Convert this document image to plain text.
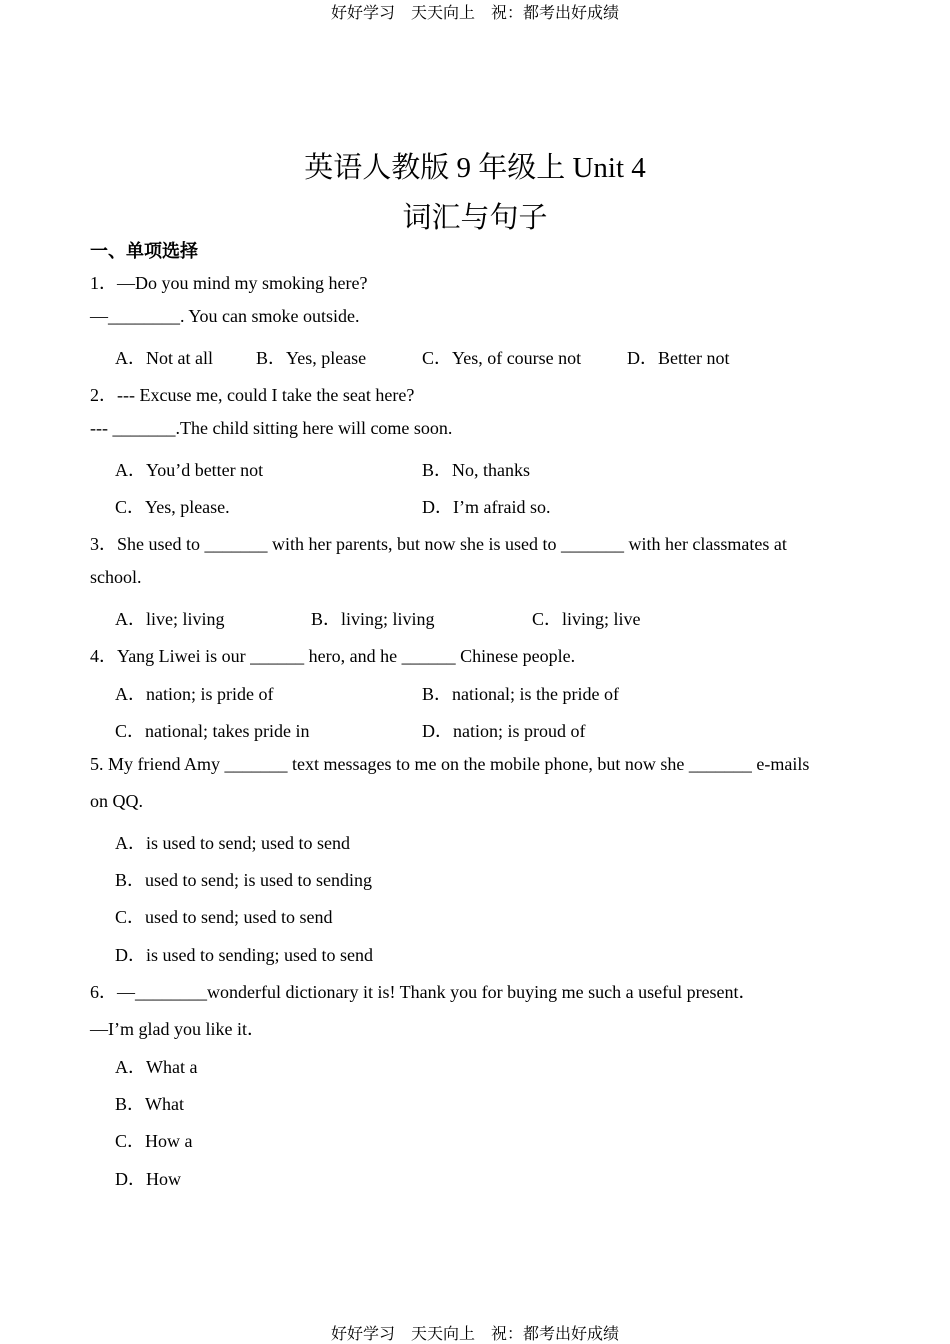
好好学习　天天向上　祝：都考出好成绩
英语人教版 9 年级上 Unit 4
词汇与句子
一、单项选择
1．—Do you mind my smoking here?
—________. You can smoke outside.
A．Not at all B．Yes, please	C．Yes, of course not	D．Better not
2．--- Excuse me, could I take the seat here?
--- _______.The child sitting here will come soon.
A．You’d better not	B．No, thanks
C．Yes, please.	D．I’m afraid so.
3．She used to _______ with her parents, but now she is used to _______ with her classmates at
school.
A．live; living	B．living; living	C．living; live
4．Yang Liwei is our ______ hero, and he ______ Chinese people.
A．nation; is pride of	B．national; is the pride of
C．national; takes pride in	D．nation; is proud of
5. My friend Amy _______ text messages to me on the mobile phone, but now she _______ e-mails
on QQ.
A．is used to send; used to send
B．used to send; is used to sending
C．used to send; used to send
D．is used to sending; used to send
6．—________wonderful dictionary it is! Thank you for buying me such a useful present．
—I’m glad you like it．
A．What a
B．What
C．How a
D．How
好好学习　天天向上　祝：都考出好成绩
